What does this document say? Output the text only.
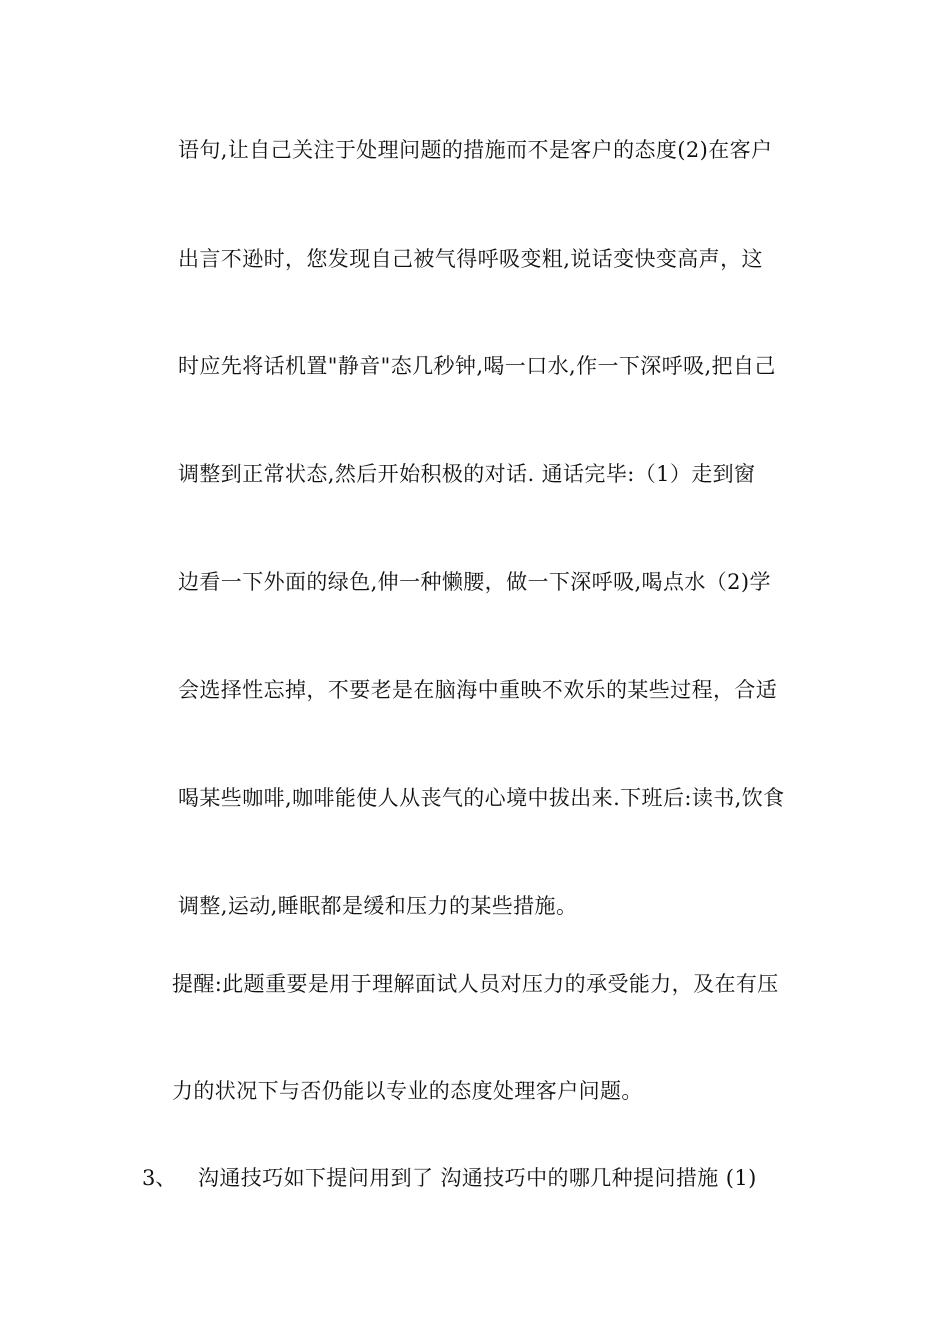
语句,让自己关注于处理问题的措施而不是客户的态度(2)在客户
出言不逊时，您发现自己被气得呼吸变粗,说话变快变高声，这
时应先将话机置"静音"态几秒钟,喝一口水,作一下深呼吸,把自己
调整到正常状态,然后开始积极的对话. 通话完毕:（1）走到窗
边看一下外面的绿色,伸一种懒腰，做一下深呼吸,喝点水（2)学
会选择性忘掉，不要老是在脑海中重映不欢乐的某些过程，合适
喝某些咖啡,咖啡能使人从丧气的心境中拔出来.下班后:读书,饮食
调整,运动,睡眠都是缓和压力的某些措施。
提醒:此题重要是用于理解面试人员对压力的承受能力，及在有压
力的状况下与否仍能以专业的态度处理客户问题。
3、 沟通技巧如下提问用到了 沟通技巧中的哪几种提问措施 (1)
